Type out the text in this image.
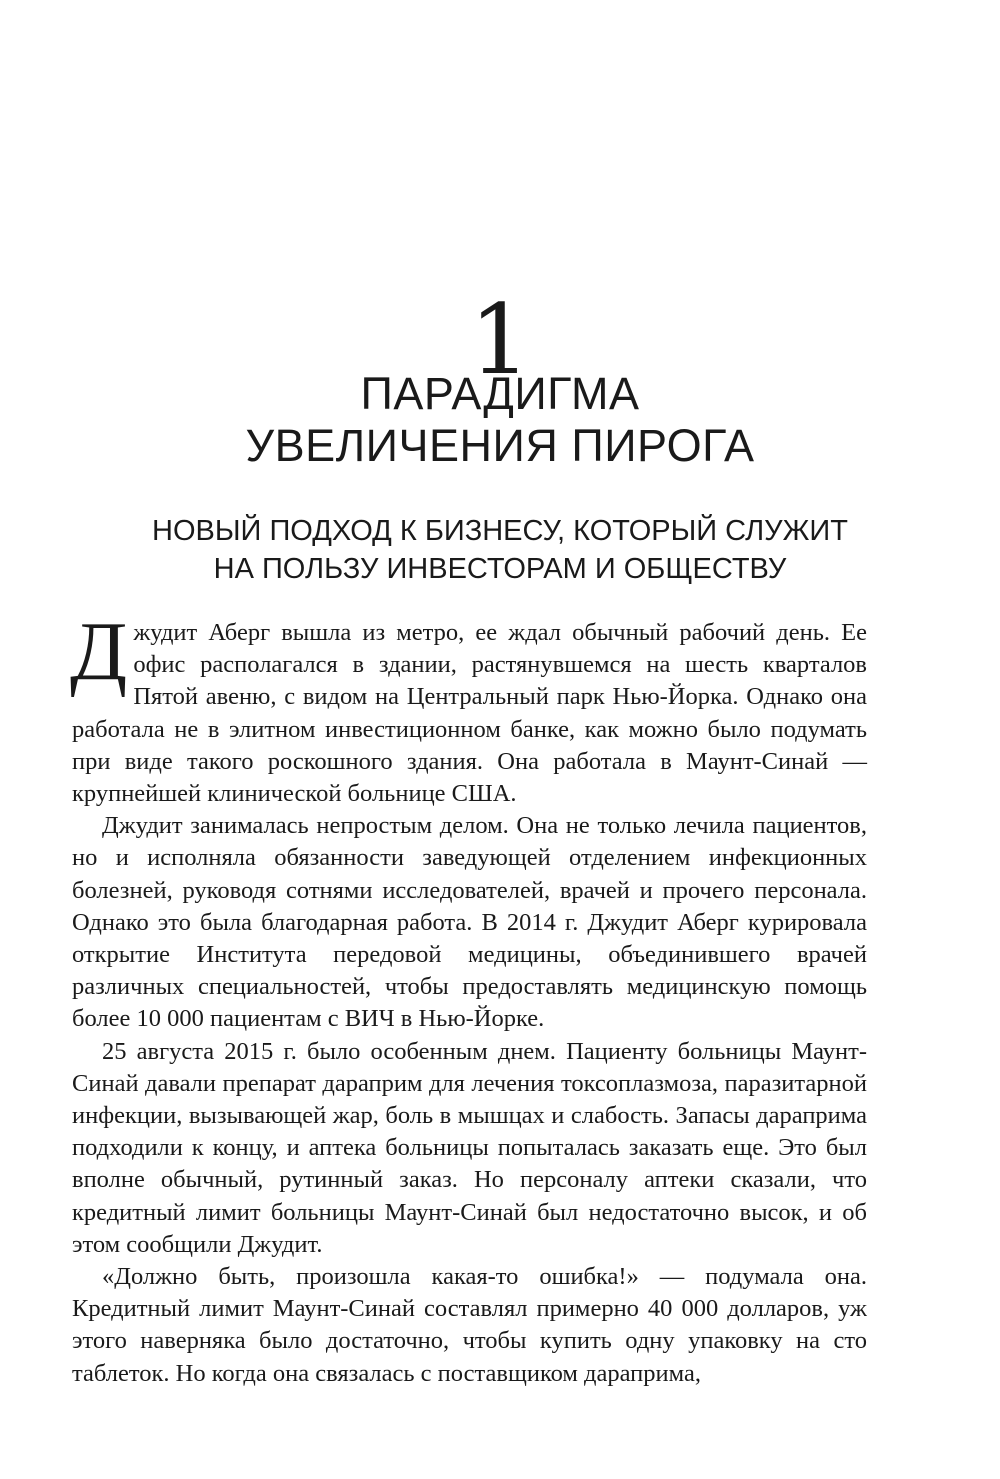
1
ПАРАДИГМА
УВЕЛИЧЕНИЯ ПИРОГА
НОВЫЙ ПОДХОД К БИЗНЕСУ, КОТОРЫЙ СЛУЖИТ
НА ПОЛЬЗУ ИНВЕСТОРАМ И ОБЩЕСТВУ

Джудит Аберг вышла из метро, ее ждал обычный рабочий день. Ее офис располагался в здании, растянувшемся на шесть кварталов Пятой авеню, с видом на Центральный парк Нью-Йорка. Однако она работала не в элитном инвестиционном банке, как можно было подумать при виде такого роскошного здания. Она работала в Маунт-Синай — крупнейшей клинической больнице США.

Джудит занималась непростым делом. Она не только лечила пациентов, но и исполняла обязанности заведующей отделением инфекционных болезней, руководя сотнями исследователей, врачей и прочего персонала. Однако это была благодарная работа. В 2014 г. Джудит Аберг курировала открытие Института передовой медицины, объединившего врачей различных специальностей, чтобы предоставлять медицинскую помощь более 10 000 пациентам с ВИЧ в Нью-Йорке.

25 августа 2015 г. было особенным днем. Пациенту больницы Маунт-Синай давали препарат дараприм для лечения токсоплазмоза, паразитарной инфекции, вызывающей жар, боль в мышцах и слабость. Запасы дараприма подходили к концу, и аптека больницы попыталась заказать еще. Это был вполне обычный, рутинный заказ. Но персоналу аптеки сказали, что кредитный лимит больницы Маунт-Синай был недостаточно высок, и об этом сообщили Джудит.

«Должно быть, произошла какая-то ошибка!» — подумала она. Кредитный лимит Маунт-Синай составлял примерно 40 000 долларов, уж этого наверняка было достаточно, чтобы купить одну упаковку на сто таблеток. Но когда она связалась с поставщиком дараприма,
